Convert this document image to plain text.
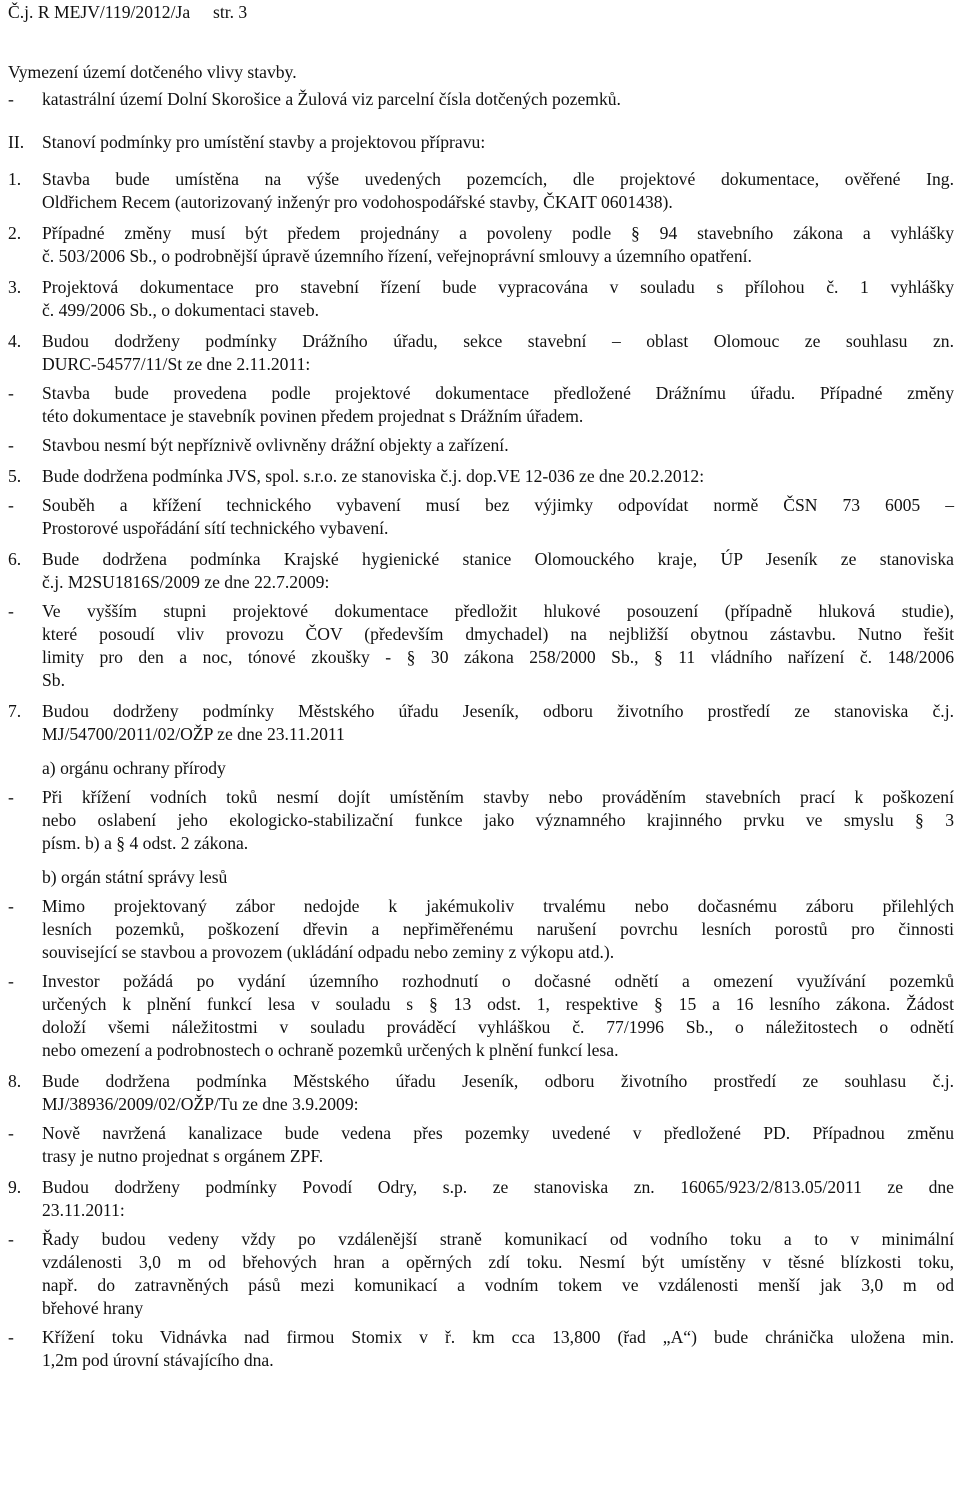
Č.j. R MEJV/119/2012/Ja	str. 3

Vymezení území dotčeného vlivy stavby.

-	katastrální území Dolní Skorošice a Žulová viz parcelní čísla dotčených pozemků.

II.	Stanoví podmínky pro umístění stavby a projektovou přípravu:

1.	Stavba bude umístěna na výše uvedených pozemcích, dle projektové dokumentace, ověřené Ing.

Oldřichem Recem (autorizovaný inženýr pro vodohospodářské stavby, ČKAIT 0601438).

2.	Případné změny musí být předem projednány a povoleny podle § 94 stavebního zákona a vyhlášky

č. 503/2006 Sb., o podrobnější úpravě územního řízení, veřejnoprávní smlouvy a územního opatření.

3.	Projektová dokumentace pro stavební řízení bude vypracována v souladu s přílohou č. 1 vyhlášky

č. 499/2006 Sb., o dokumentaci staveb.

4.	Budou dodrženy podmínky Drážního úřadu, sekce stavební – oblast Olomouc ze souhlasu zn.

DURC-54577/11/St ze dne 2.11.2011:

-	Stavba bude provedena podle projektové dokumentace předložené Drážnímu úřadu. Případné změny

této dokumentace je stavebník povinen předem projednat s Drážním úřadem.

-	Stavbou nesmí být nepříznivě ovlivněny drážní objekty a zařízení.

5.	Bude dodržena podmínka JVS, spol. s.r.o. ze stanoviska č.j. dop.VE 12-036 ze dne 20.2.2012:

-	Souběh a křížení technického vybavení musí bez výjimky odpovídat normě ČSN 73 6005 –

Prostorové uspořádání sítí technického vybavení.

6.	Bude dodržena podmínka Krajské hygienické stanice Olomouckého kraje, ÚP Jeseník ze stanoviska

č.j. M2SU1816S/2009 ze dne 22.7.2009:

-	Ve vyšším stupni projektové dokumentace předložit hlukové posouzení (případně hluková studie),

které posoudí vliv provozu ČOV (především dmychadel) na nejbližší obytnou zástavbu. Nutno řešit

limity pro den a noc, tónové zkoušky - § 30 zákona 258/2000 Sb., § 11 vládního nařízení č. 148/2006

Sb.

7.	Budou dodrženy podmínky Městského úřadu Jeseník, odboru životního prostředí ze stanoviska č.j.

MJ/54700/2011/02/OŽP ze dne 23.11.2011

a) orgánu ochrany přírody
-	Při křížení vodních toků nesmí dojít umístěním stavby nebo prováděním stavebních prací k poškození

nebo oslabení jeho ekologicko-stabilizační funkce jako významného krajinného prvku ve smyslu § 3

písm. b) a § 4 odst. 2 zákona.

b) orgán státní správy lesů
-	Mimo projektovaný zábor nedojde k jakémukoliv trvalému nebo dočasnému záboru přilehlých

lesních pozemků, poškození dřevin a nepřiměřenému narušení povrchu lesních porostů pro činnosti

související se stavbou a provozem (ukládání odpadu nebo zeminy z výkopu atd.).

-	Investor požádá po vydání územního rozhodnutí o dočasné odnětí a omezení využívání pozemků

určených k plnění funkcí lesa v souladu s § 13 odst. 1, respektive § 15 a 16 lesního zákona. Žádost

doloží všemi náležitostmi v souladu prováděcí vyhláškou č. 77/1996 Sb., o náležitostech o odnětí

nebo omezení a podrobnostech o ochraně pozemků určených k plnění funkcí lesa.

8.	Bude dodržena podmínka Městského úřadu Jeseník, odboru životního prostředí ze souhlasu č.j.

MJ/38936/2009/02/OŽP/Tu ze dne 3.9.2009:

-	Nově navržená kanalizace bude vedena přes pozemky uvedené v předložené PD. Případnou změnu

trasy je nutno projednat s orgánem ZPF.

9.	Budou dodrženy podmínky Povodí Odry, s.p. ze stanoviska zn. 16065/923/2/813.05/2011 ze dne

23.11.2011:

-	Řady budou vedeny vždy po vzdálenější straně komunikací od vodního toku a to v minimální

vzdálenosti 3,0 m od břehových hran a opěrných zdí toku. Nesmí být umístěny v těsné blízkosti toku,

např. do zatravněných pásů mezi komunikací a vodním tokem ve vzdálenosti menší jak 3,0 m od

břehové hrany

-	Křížení toku Vidnávka nad firmou Stomix v ř. km cca 13,800 (řad „A“) bude chránička uložena min.

1,2m pod úrovní stávajícího dna.
